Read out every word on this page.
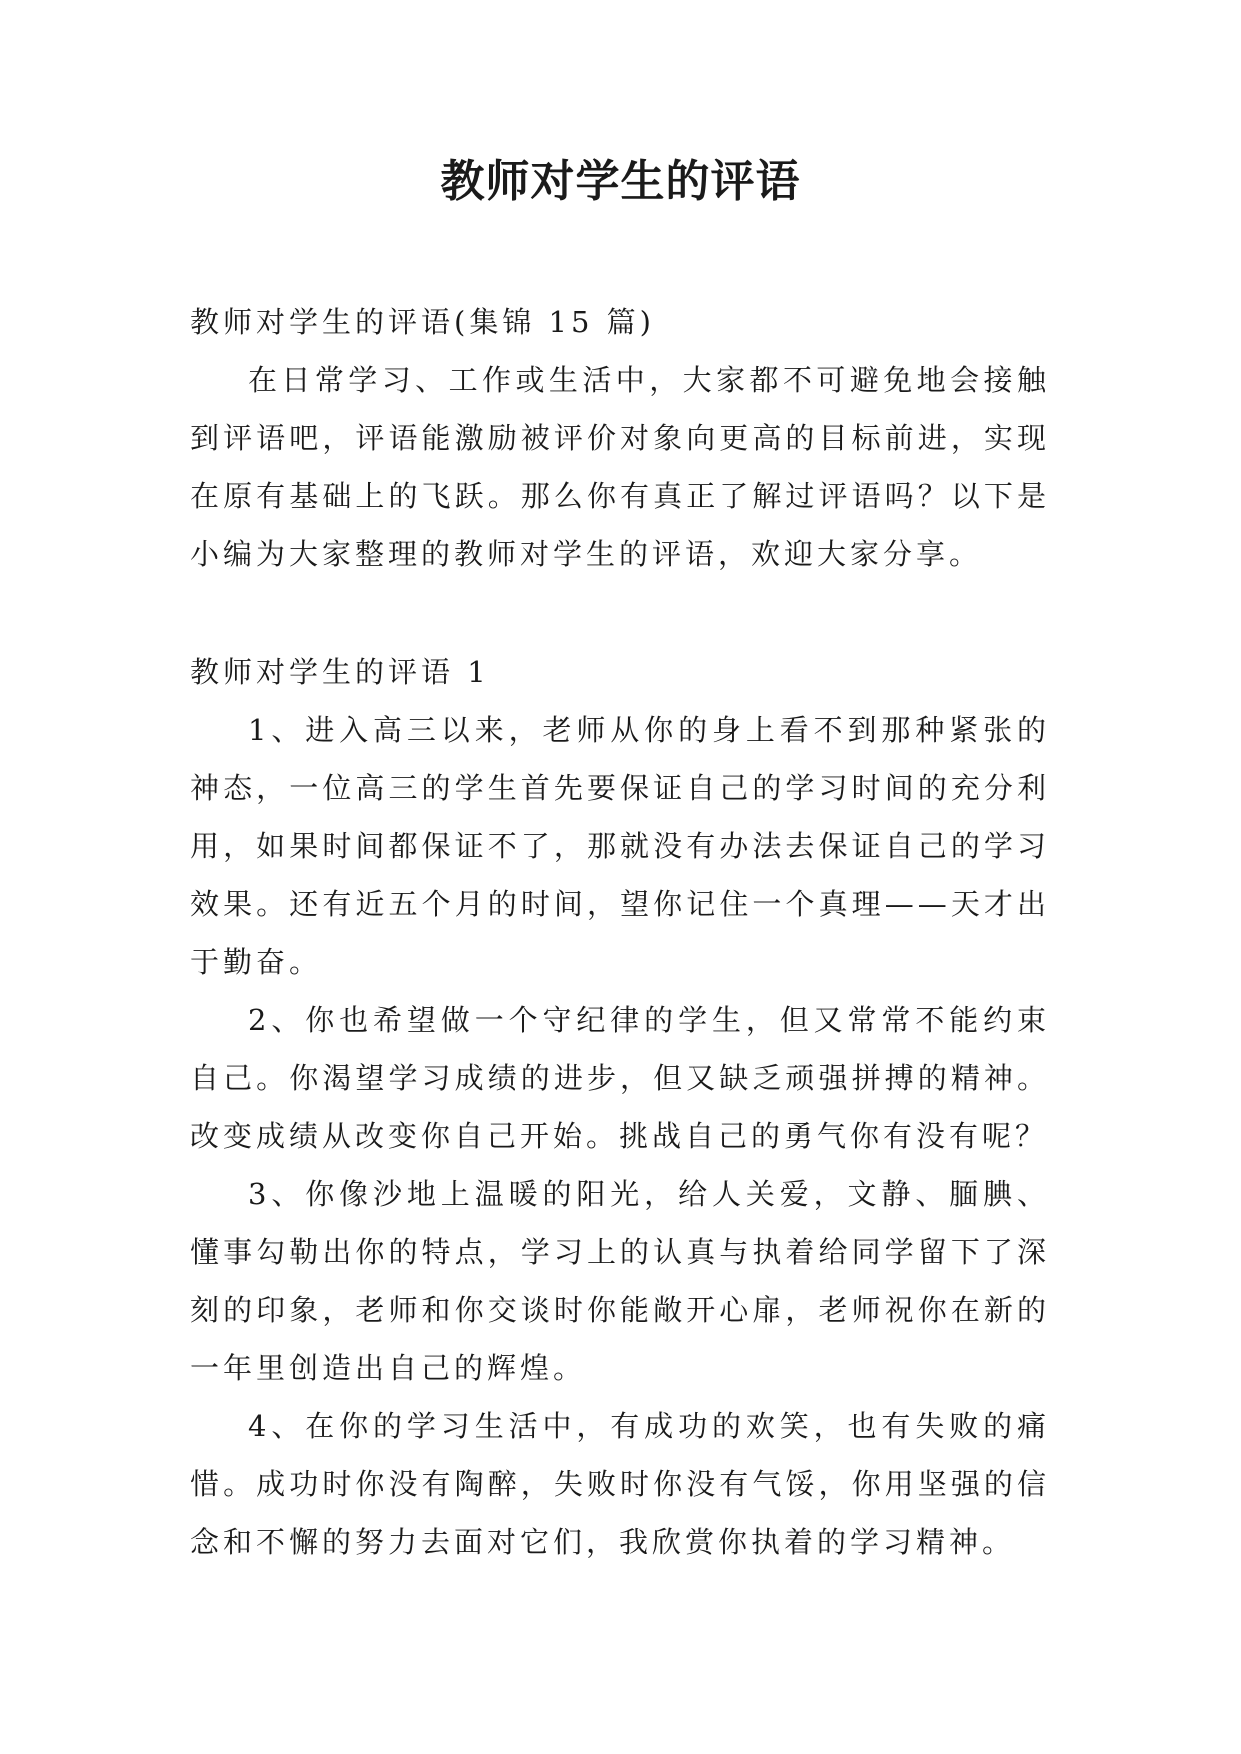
教师对学生的评语

教师对学生的评语(集锦 15 篇)

在日常学习、工作或生活中，大家都不可避免地会接触到评语吧，评语能激励被评价对象向更高的目标前进，实现在原有基础上的飞跃。那么你有真正了解过评语吗？以下是小编为大家整理的教师对学生的评语，欢迎大家分享。

教师对学生的评语 1

1、进入高三以来，老师从你的身上看不到那种紧张的神态，一位高三的学生首先要保证自己的学习时间的充分利用，如果时间都保证不了，那就没有办法去保证自己的学习效果。还有近五个月的时间，望你记住一个真理——天才出于勤奋。

2、你也希望做一个守纪律的学生，但又常常不能约束自己。你渴望学习成绩的进步，但又缺乏顽强拼搏的精神。改变成绩从改变你自己开始。挑战自己的勇气你有没有呢？

3、你像沙地上温暖的阳光，给人关爱，文静、腼腆、懂事勾勒出你的特点，学习上的认真与执着给同学留下了深刻的印象，老师和你交谈时你能敞开心扉，老师祝你在新的一年里创造出自己的辉煌。

4、在你的学习生活中，有成功的欢笑，也有失败的痛惜。成功时你没有陶醉，失败时你没有气馁，你用坚强的信念和不懈的努力去面对它们，我欣赏你执着的学习精神。
